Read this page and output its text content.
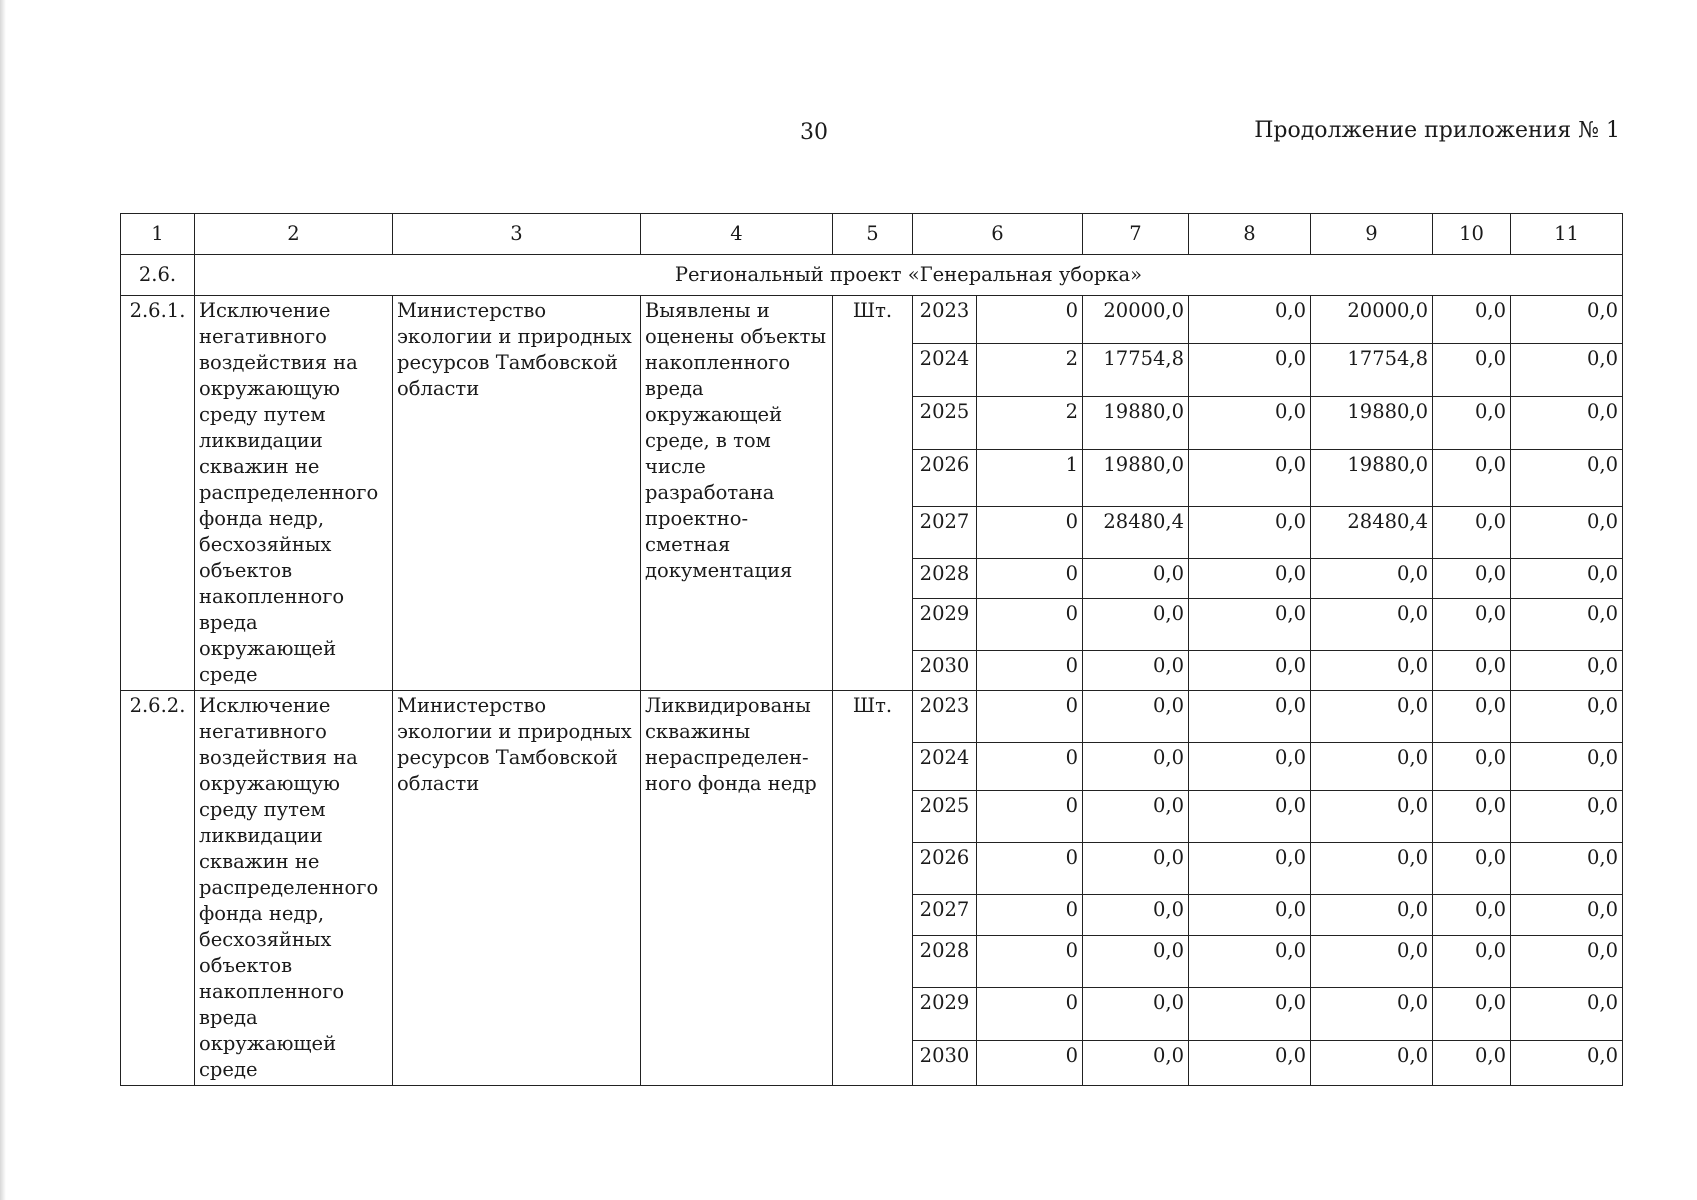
30	Продолжение приложения № 1
1	2	3	4	5	6		7	8	9	10	11
2.6.	Региональный проект «Генеральная уборка»										
2.6.1.	Исключение негативного воздействия на окружающую среду путем ликвидации скважин не распределенного фонда недр, бесхозяйных объектов накопленного вреда окружающей среде	Министерство экологии и природных ресурсов Тамбовской области	Выявлены и оценены объекты накопленного вреда окружающей среде, в том числе разработана проектно-сметная документация	Шт.	2023	0	20000,0	0,0	20000,0	0,0	0,0
					2024	2	17754,8	0,0	17754,8	0,0	0,0
					2025	2	19880,0	0,0	19880,0	0,0	0,0
					2026	1	19880,0	0,0	19880,0	0,0	0,0
					2027	0	28480,4	0,0	28480,4	0,0	0,0
					2028	0	0,0	0,0	0,0	0,0	0,0
					2029	0	0,0	0,0	0,0	0,0	0,0
					2030	0	0,0	0,0	0,0	0,0	0,0
2.6.2.	Исключение негативного воздействия на окружающую среду путем ликвидации скважин не распределенного фонда недр, бесхозяйных объектов накопленного вреда окружающей среде	Министерство экологии и природных ресурсов Тамбовской области	Ликвидированы скважины нераспределен-ного фонда недр	Шт.	2023	0	0,0	0,0	0,0	0,0	0,0
					2024	0	0,0	0,0	0,0	0,0	0,0
					2025	0	0,0	0,0	0,0	0,0	0,0
					2026	0	0,0	0,0	0,0	0,0	0,0
					2027	0	0,0	0,0	0,0	0,0	0,0
					2028	0	0,0	0,0	0,0	0,0	0,0
					2029	0	0,0	0,0	0,0	0,0	0,0
					2030	0	0,0	0,0	0,0	0,0	0,0
